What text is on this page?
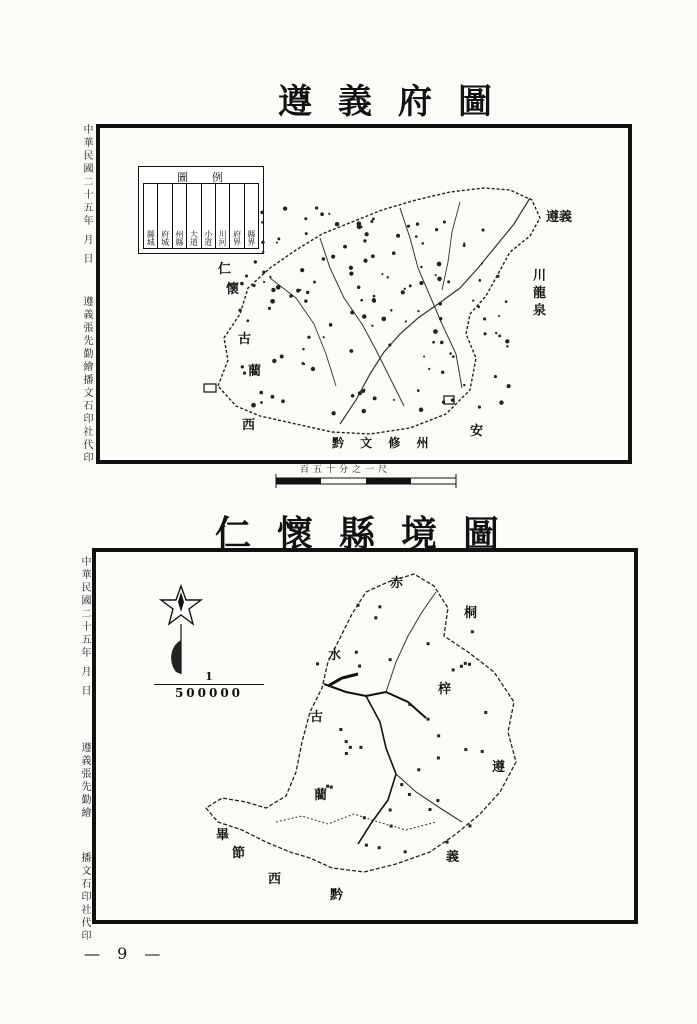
遵義府圖
中華民國二十五年 月 日
遵義張先勤繪
播文石印社代印
圖例
縣城 府城 州縣 大道 小道 川河 府界 縣界
遵義
川 龍 泉
仁
懷
古
藺
西	安
黔 文 修 州
百五十分之一尺
仁懷縣境圖
中華民國二十五年 月 日
遵義張先勤繪
播文石印社代印
1
500000
赤
桐
水
梓
古
遵
藺
畢
節
西
義
黔
— 9 —
